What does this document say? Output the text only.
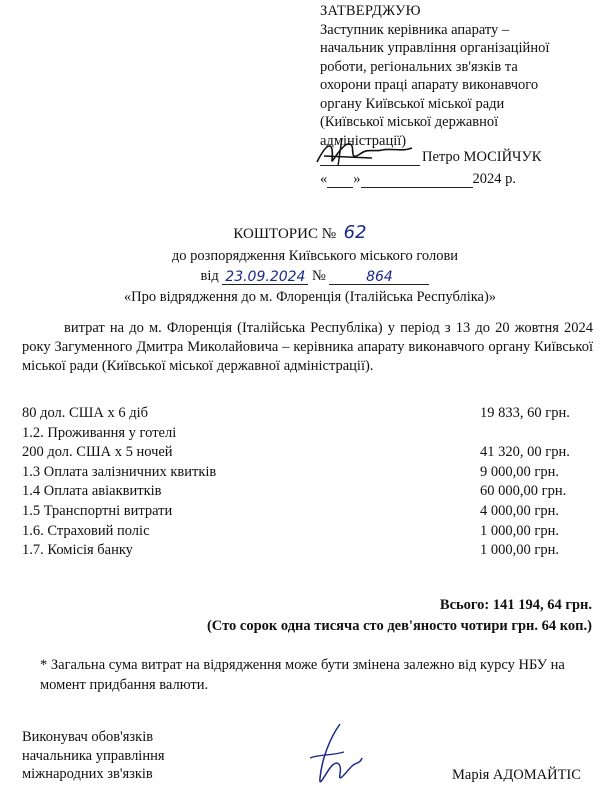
ЗАТВЕРДЖУЮ
Заступник керівника апарату –
начальник управління організаційної
роботи, регіональних зв'язків та
охорони праці апарату виконавчого
органу Київської міської ради
(Київської міської державної
адміністрації)
Петро МОСІЙЧУК
« »	2024 р.
КОШТОРИС № 62
до розпорядження Київського міського голови
від 23.09.2024 №	864
«Про відрядження до м. Флоренція (Італійська Республіка)»

витрат на до м. Флоренція (Італійська Республіка) у період з 13 до 20 жовтня 2024 року Загуменного Дмитра Миколайовича – керівника апарату виконавчого органу Київської міської ради (Київської міської державної адміністрації).

80 дол. США х 6 діб	19 833, 60 грн.
1.2. Проживання у готелі
200 дол. США х 5 ночей	41 320, 00 грн.
1.3 Оплата залізничних квитків	9 000,00 грн.
1.4 Оплата авіаквитків	60 000,00 грн.
1.5 Транспортні витрати	4 000,00 грн.
1.6. Страховий поліс	1 000,00 грн.
1.7. Комісія банку	1 000,00 грн.
Всього: 141 194, 64 грн.
(Сто сорок одна тисяча сто дев'яносто чотири грн. 64 коп.)
* Загальна сума витрат на відрядження може бути змінена залежно від курсу НБУ на момент придбання валюти.
Виконувач обов'язків
начальника управління
міжнародних зв'язків	Марія АДОМАЙТІС
